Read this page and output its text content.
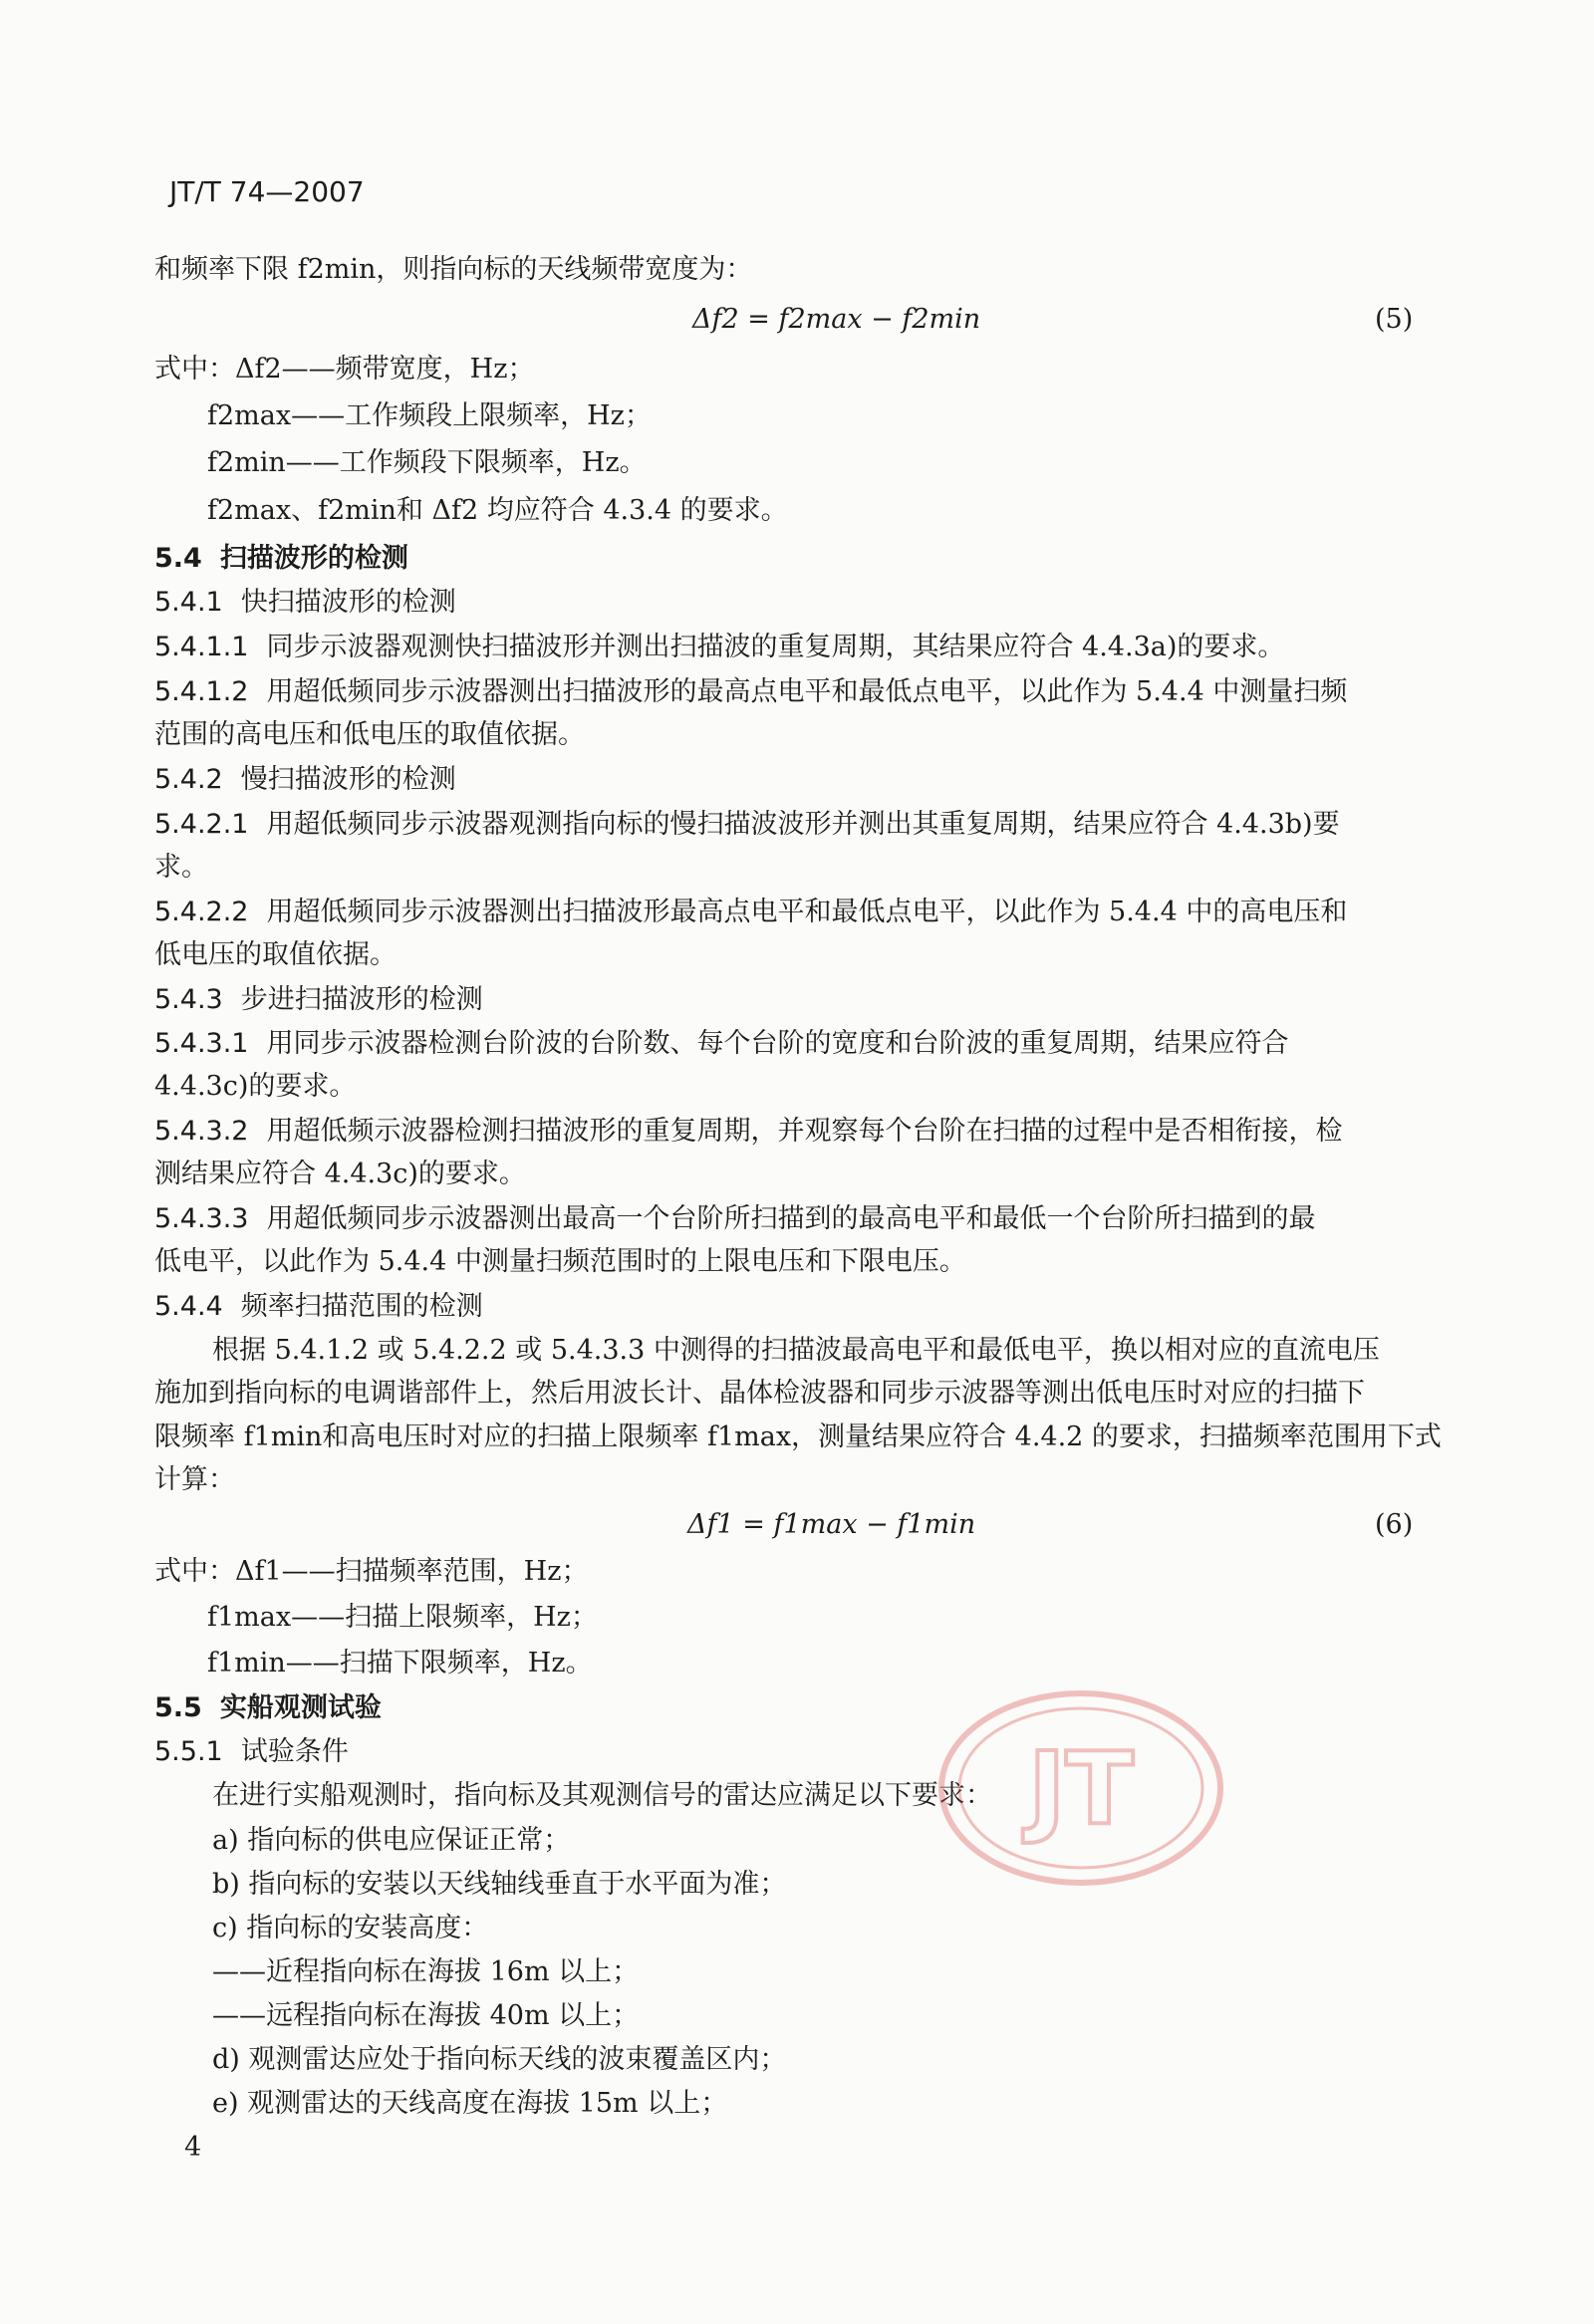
JT/T 74—2007
和频率下限 f2min，则指向标的天线频带宽度为：
Δf2 = f2max − f2min	(5)
式中：Δf2——频带宽度，Hz；
f2max——工作频段上限频率，Hz；
f2min——工作频段下限频率，Hz。
f2max、f2min和 Δf2 均应符合 4.3.4 的要求。
5.4 扫描波形的检测
5.4.1 快扫描波形的检测
5.4.1.1 同步示波器观测快扫描波形并测出扫描波的重复周期，其结果应符合 4.4.3a)的要求。
5.4.1.2 用超低频同步示波器测出扫描波形的最高点电平和最低点电平，以此作为 5.4.4 中测量扫频
范围的高电压和低电压的取值依据。
5.4.2 慢扫描波形的检测
5.4.2.1 用超低频同步示波器观测指向标的慢扫描波波形并测出其重复周期，结果应符合 4.4.3b)要
求。
5.4.2.2 用超低频同步示波器测出扫描波形最高点电平和最低点电平，以此作为 5.4.4 中的高电压和
低电压的取值依据。
5.4.3 步进扫描波形的检测
5.4.3.1 用同步示波器检测台阶波的台阶数、每个台阶的宽度和台阶波的重复周期，结果应符合
4.4.3c)的要求。
5.4.3.2 用超低频示波器检测扫描波形的重复周期，并观察每个台阶在扫描的过程中是否相衔接，检
测结果应符合 4.4.3c)的要求。
5.4.3.3 用超低频同步示波器测出最高一个台阶所扫描到的最高电平和最低一个台阶所扫描到的最
低电平，以此作为 5.4.4 中测量扫频范围时的上限电压和下限电压。
5.4.4 频率扫描范围的检测
根据 5.4.1.2 或 5.4.2.2 或 5.4.3.3 中测得的扫描波最高电平和最低电平，换以相对应的直流电压
施加到指向标的电调谐部件上，然后用波长计、晶体检波器和同步示波器等测出低电压时对应的扫描下
限频率 f1min和高电压时对应的扫描上限频率 f1max，测量结果应符合 4.4.2 的要求，扫描频率范围用下式
计算：
Δf1 = f1max − f1min	(6)
式中：Δf1——扫描频率范围，Hz；
f1max——扫描上限频率，Hz；
f1min——扫描下限频率，Hz。
5.5 实船观测试验
5.5.1 试验条件
在进行实船观测时，指向标及其观测信号的雷达应满足以下要求：
a) 指向标的供电应保证正常；
b) 指向标的安装以天线轴线垂直于水平面为准；
c) 指向标的安装高度：
——近程指向标在海拔 16m 以上；
——远程指向标在海拔 40m 以上；
d) 观测雷达应处于指向标天线的波束覆盖区内；
e) 观测雷达的天线高度在海拔 15m 以上；
JT
4
